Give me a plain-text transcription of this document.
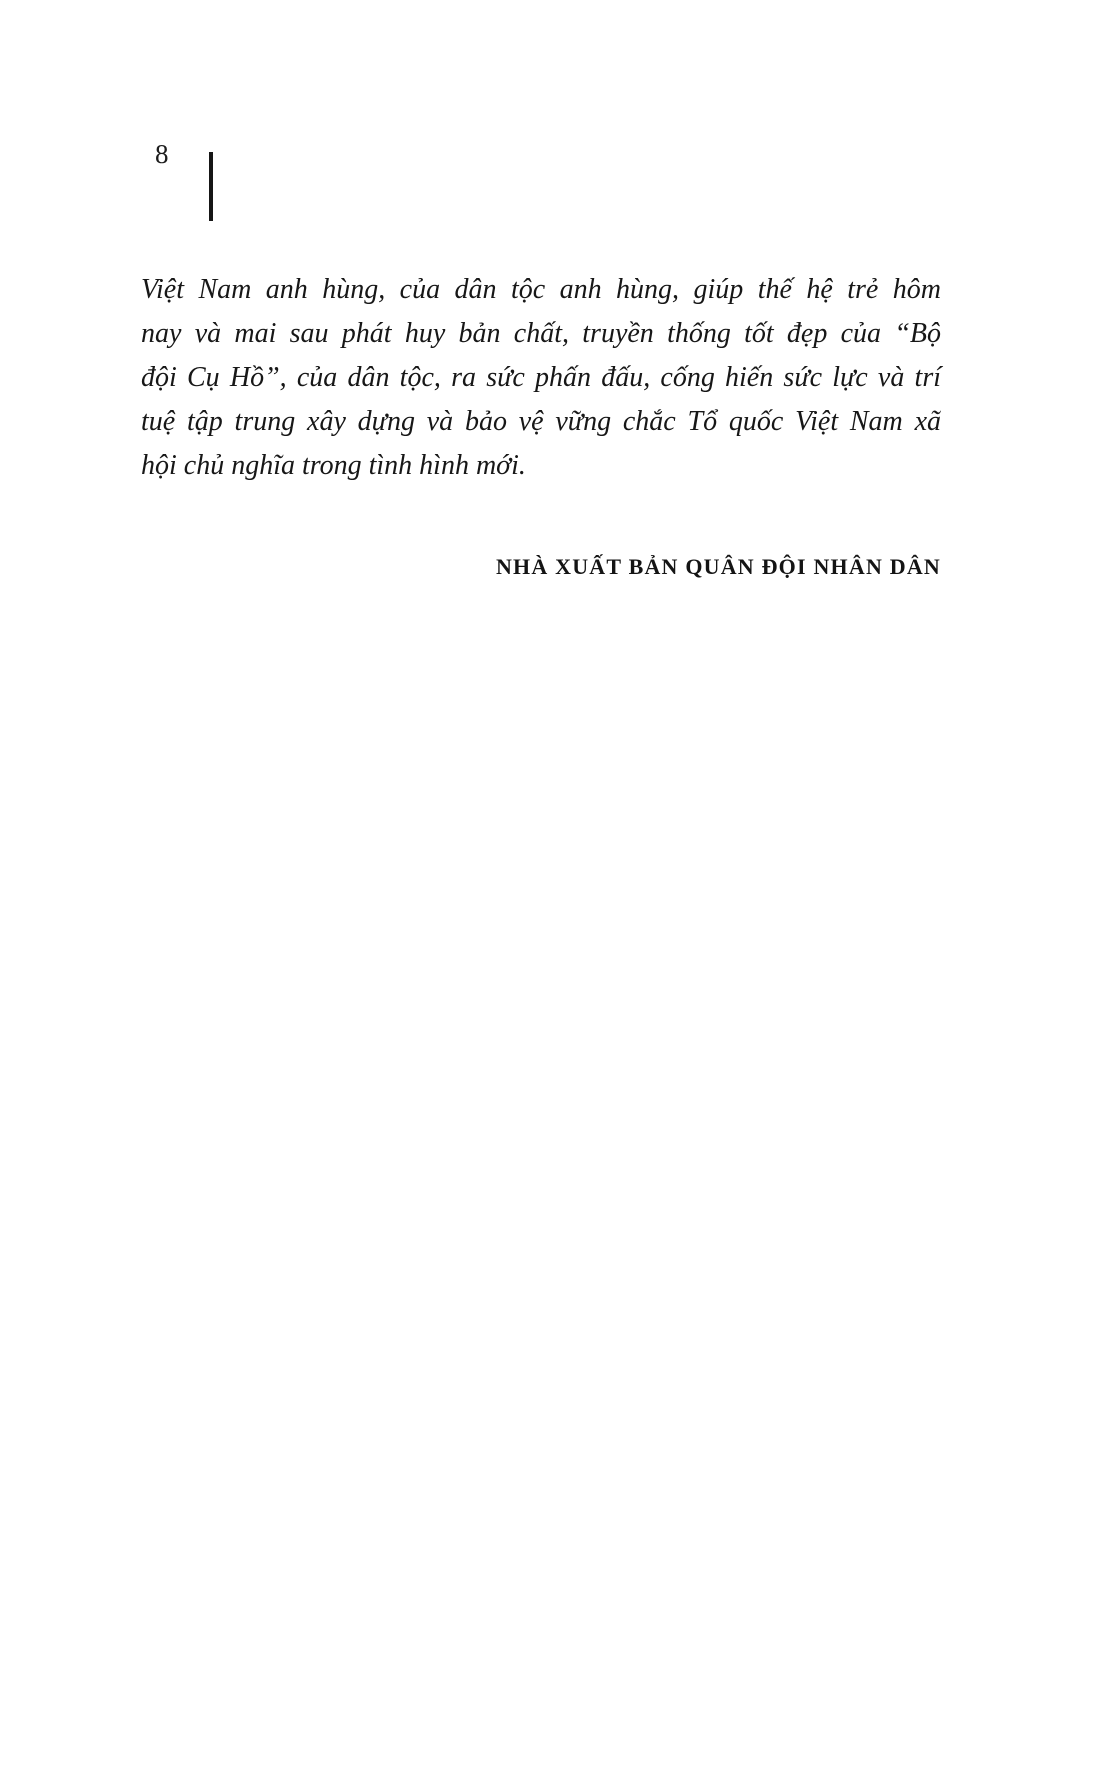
8
Việt Nam anh hùng, của dân tộc anh hùng, giúp thế hệ trẻ hôm
nay và mai sau phát huy bản chất, truyền thống tốt đẹp của “Bộ
đội Cụ Hồ”, của dân tộc, ra sức phấn đấu, cống hiến sức lực và trí
tuệ tập trung xây dựng và bảo vệ vững chắc Tổ quốc Việt Nam xã
hội chủ nghĩa trong tình hình mới.
NHÀ XUẤT BẢN QUÂN ĐỘI NHÂN DÂN
